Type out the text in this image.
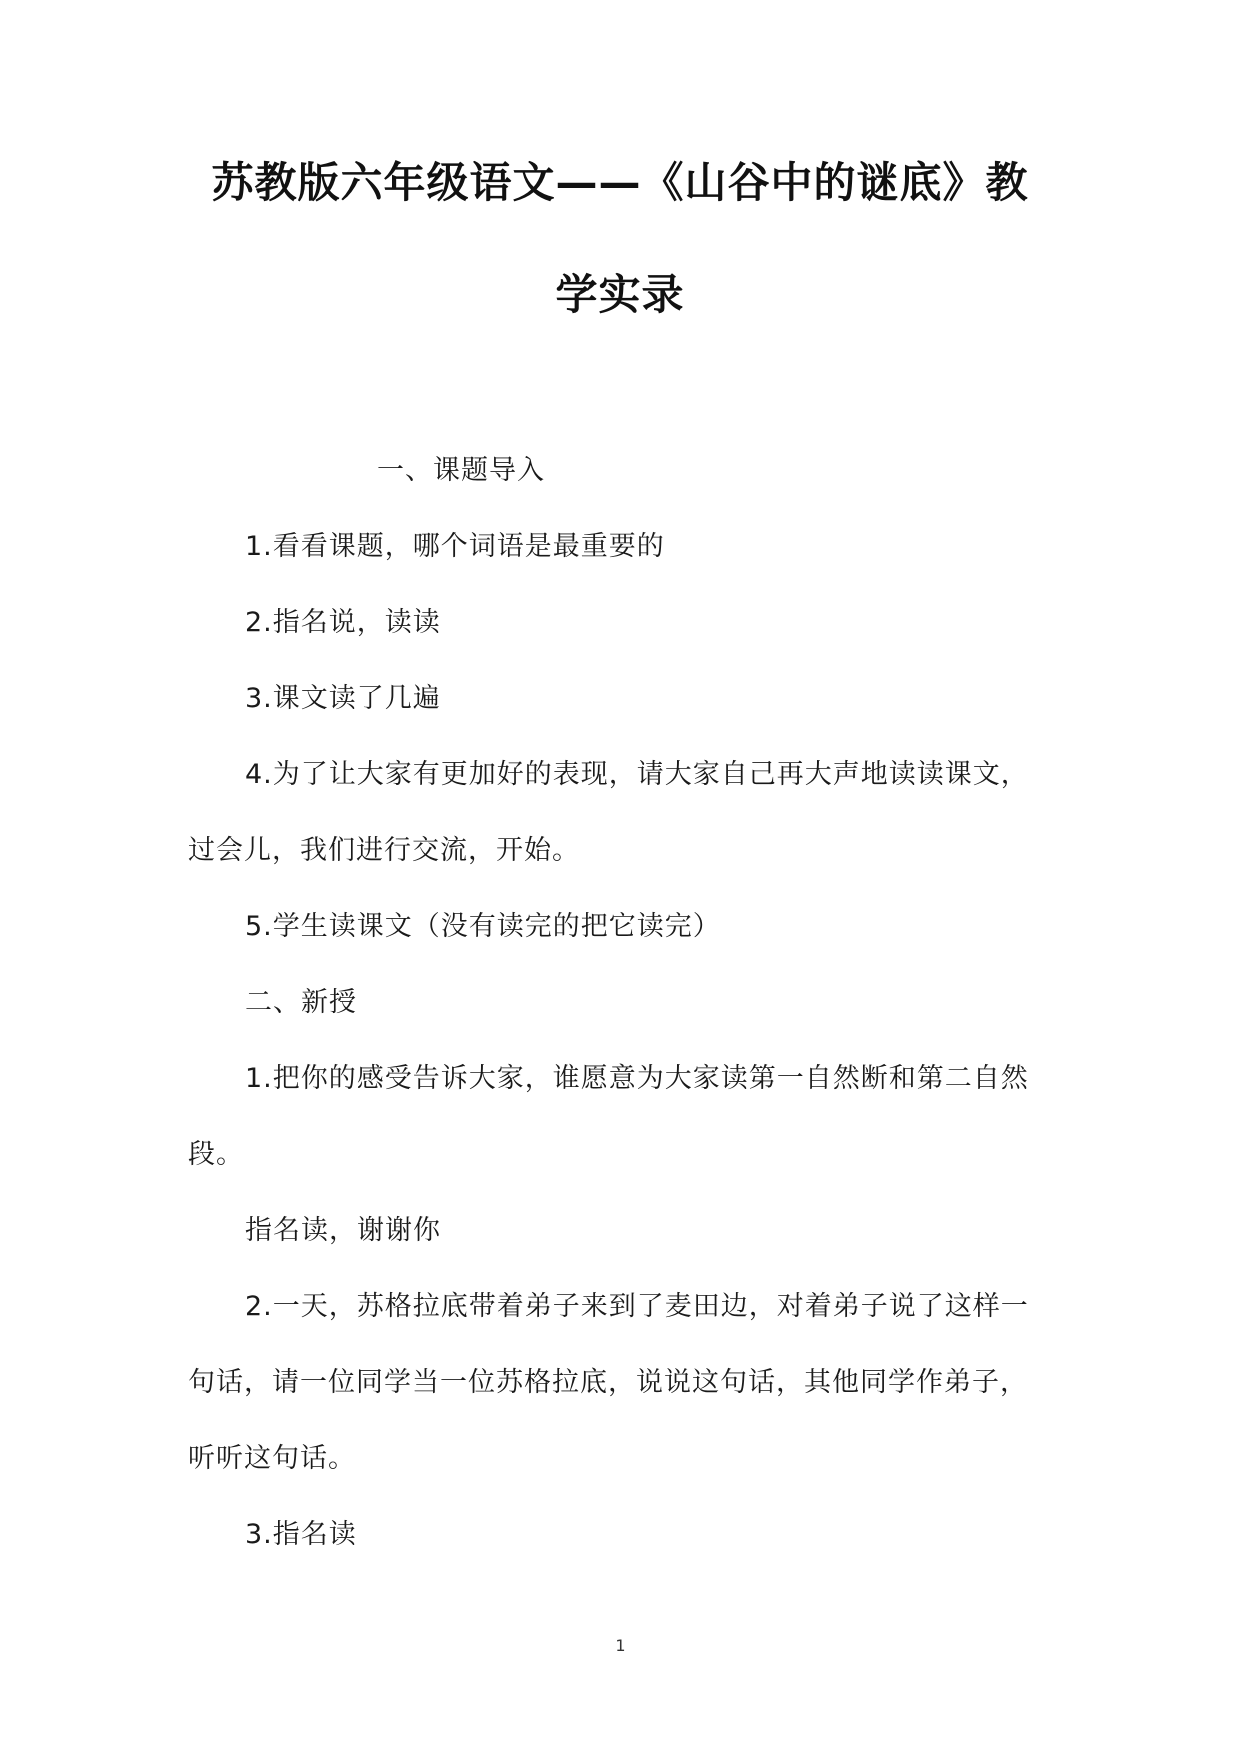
苏教版六年级语文——《山谷中的谜底》教
学实录
一、课题导入
1.看看课题，哪个词语是最重要的
2.指名说，读读
3.课文读了几遍
4.为了让大家有更加好的表现，请大家自己再大声地读读课文，
过会儿，我们进行交流，开始。
5.学生读课文（没有读完的把它读完）
二、新授
1.把你的感受告诉大家，谁愿意为大家读第一自然断和第二自然
段。
指名读，谢谢你
2.一天，苏格拉底带着弟子来到了麦田边，对着弟子说了这样一
句话，请一位同学当一位苏格拉底，说说这句话，其他同学作弟子，
听听这句话。
3.指名读
1
